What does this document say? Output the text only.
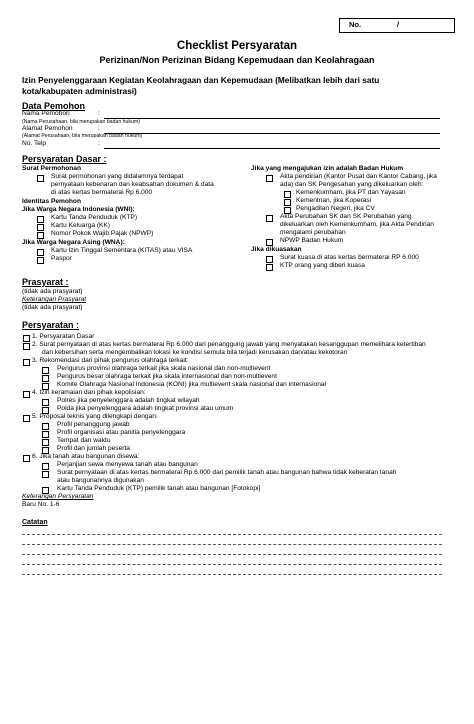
No.	/
Checklist Persyaratan
Perizinan/Non Perizinan Bidang Kepemudaan dan Keolahragaan
Izin Penyelenggaraan Kegiatan Keolahragaan dan Kepemudaan (Melibatkan lebih dari satu kota/kabupaten administrasi)
Data Pemohon
Nama Pemohon	:
(Nama Perusahaan, bila merupakan badan hukum)
Alamat Pemohon	:
(Alamat Perusahaan, bila merupakan badan hukum)
No. Telp	:
Persyaratan Dasar :
Surat Permohonan
Surat permohonan yang didalamnya terdapat
pernyataan kebenaran dan keabsahan dokumen & data
di atas kertas bermaterai Rp 6.000
Identitas Pemohon
Jika Warga Negara Indonesia (WNI):
Kartu Tanda Penduduk (KTP)
Kartu Keluarga (KK)
Nomor Pokok Wajib Pajak (NPWP)
Jika Warga Negara Asing (WNA):
Kartu Izin Tinggal Sementara (KITAS) atau VISA
Paspor
Jika yang mengajukan izin adalah Badan Hukum
Akta pendirian (Kantor Pusat dan Kantor Cabang, jika
ada) dan SK Pengesahan yang dikeluarkan oleh:
Kemenkumham, jika PT dan Yayasan
Kementrian, jika Koperasi
Pengadilan Negeri, jika CV
Akta Perubahan SK dan SK Perubahan yang
dikeluarkan oleh Kemenkumham, jika Akta Pendirian
mengalami perubahan
NPWP Badan Hukum
Jika dikuasakan
Surat kuasa di atas kertas bermaterai RP 6.000
KTP orang yang diberi kuasa
Prasyarat :
(tidak ada prasyarat)
Keterangan Prasyarat
(tidak ada prasyarat)
Persyaratan :
1. Persyaratan Dasar
2. Surat pernyataan di atas kertas bermaterai Rp 6.000 dari penanggung jawab yang menyatakan kesanggupan memelihara ketertiban
dan kebersihan serta mengembalikan lokasi ke kondisi semula bila terjadi kerusakan dan/atau kekotoran
3. Rekomendasi dari pihak pengurus olahraga terkait:
Pengurus provinsi olahraga terkait jika skala nasional dan non-multievent
Pengurus besar olahraga terkait jika skala internasional dan non-multievent
Komite Olahraga Nasional Indonesia (KONI) jika multievent skala nasional dan internasional
4. Izin keramaian dari pihak kepolisian:
Polres jika penyelenggara adalah tingkat wilayah
Polda jika penyelenggara adalah tingkat provinsi atau umum
5. Proposal teknis yang dilengkapi dengan:
Profil penanggung jawab
Profil organisasi atau panitia penyelenggara
Tempat dan waktu
Profil dan jumlah peserta
6. Jika tanah atau bangunan disewa:
Perjanjian sewa menyewa tanah atau bangunan
Surat pernyataan di atas kertas bermaterai Rp 6.000 dari pemilik tanah atau bangunan bahwa tidak keberatan tanah
atau bangunannya digunakan
Kartu Tanda Penduduk (KTP) pemilik tanah atau bangunan [Fotokopi]
Keterangan Persyaratan
Baru No. 1-6
Catatan
